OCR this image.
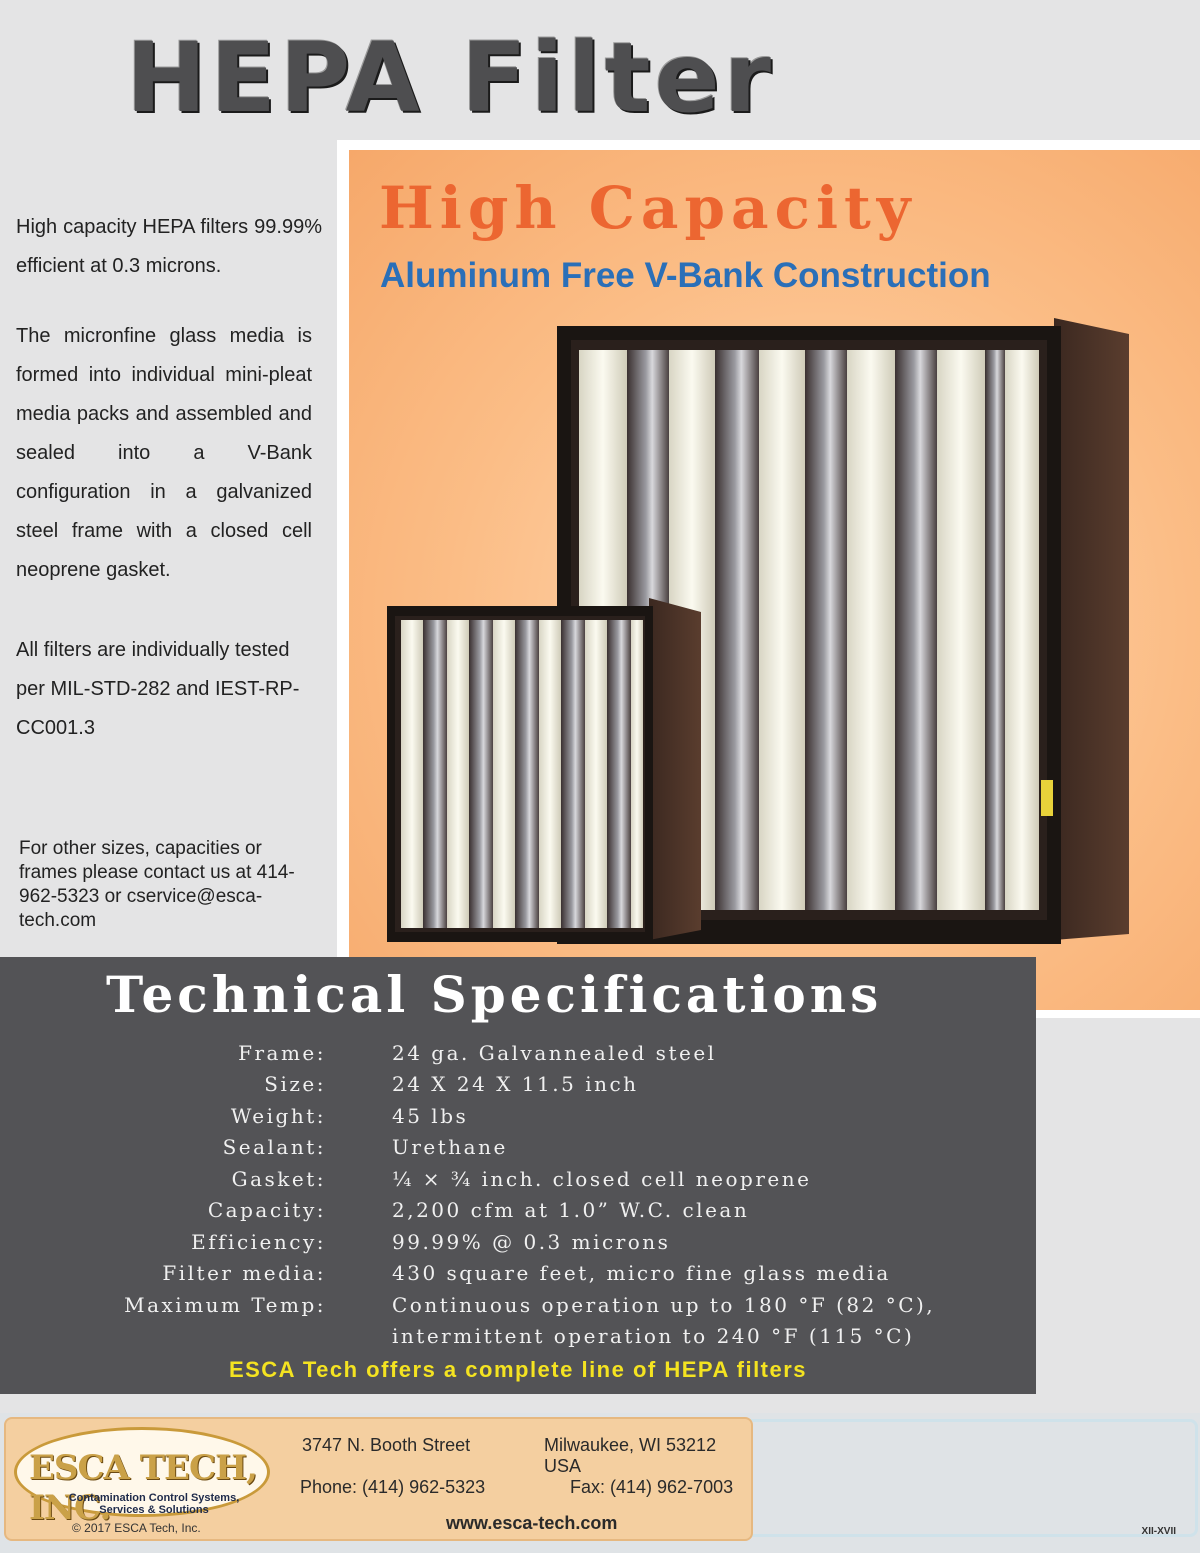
HEPA Filter
High Capacity
Aluminum Free V-Bank Construction

High capacity HEPA filters 99.99% efficient at 0.3 microns.

The micronfine glass media is formed into individual mini-pleat media packs and assembled and sealed into a V-Bank configuration in a galvanized steel frame with a closed cell neoprene gasket.

All filters are individually tested per MIL-STD-282 and IEST-RP-CC001.3

For other sizes, capacities or frames please contact us at 414-962-5323 or cservice@esca-tech.com

Technical Specifications
Frame:	24 ga. Galvannealed steel
Size:	24 X 24 X 11.5 inch
Weight:	45 lbs
Sealant:	Urethane
Gasket:	¼ × ¾ inch. closed cell neoprene
Capacity:	2,200 cfm at 1.0” W.C. clean
Efficiency:	99.99% @ 0.3 microns
Filter media:	430 square feet, micro fine glass media
Maximum Temp:	Continuous operation up to 180 °F (82 °C),
intermittent operation to 240 °F (115 °C)
ESCA Tech offers a complete line of HEPA filters
ESCA TECH, INC.
Contamination Control Systems, Services & Solutions
© 2017 ESCA Tech, Inc.
3747 N. Booth Street	Milwaukee, WI 53212 USA
Phone: (414) 962-5323	Fax: (414) 962-7003
www.esca-tech.com	XII-XVII
